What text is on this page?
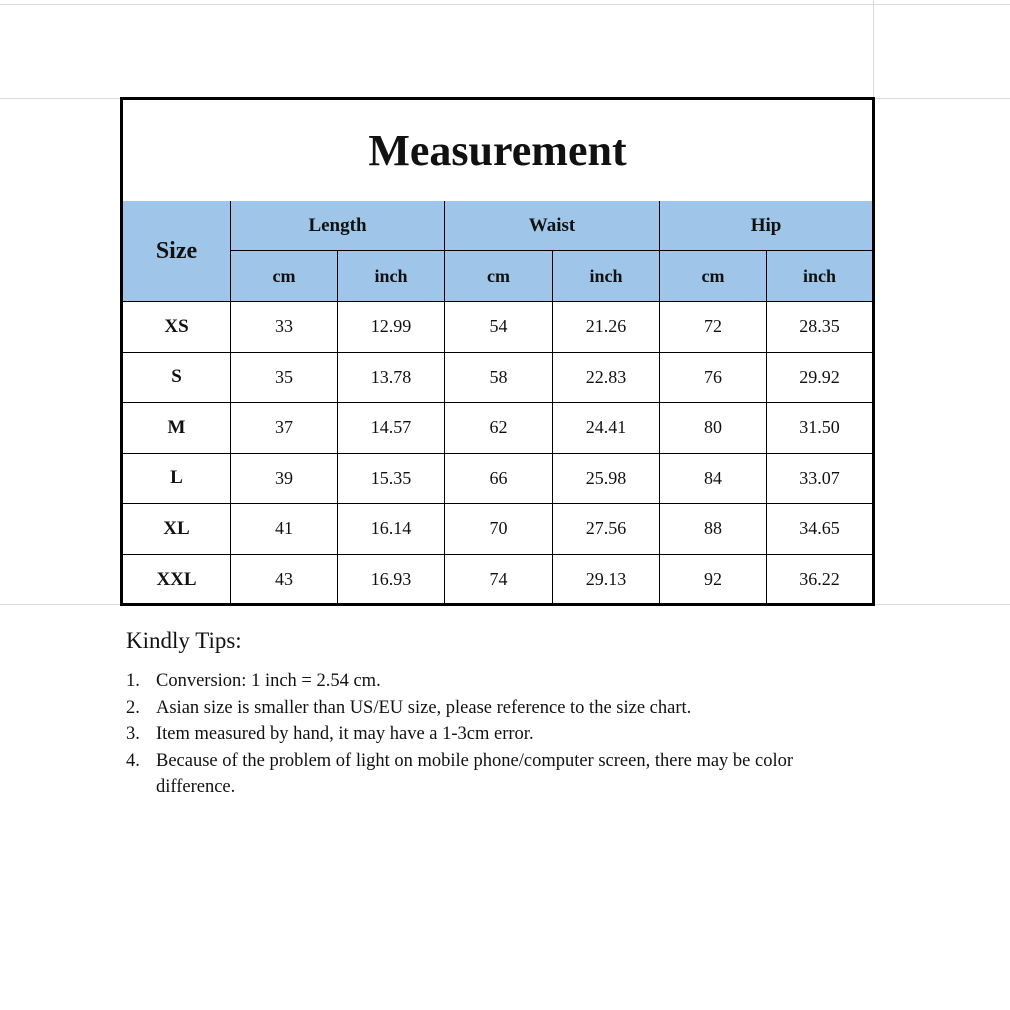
Measurement
Size
Length
cm	inch
Waist
cm	inch
Hip
cm	inch
XS	33	12.99	54	21.26	72	28.35
S	35	13.78	58	22.83	76	29.92
M	37	14.57	62	24.41	80	31.50
L	39	15.35	66	25.98	84	33.07
XL	41	16.14	70	27.56	88	34.65
XXL	43	16.93	74	29.13	92	36.22

Kindly Tips:

1. Conversion: 1 inch = 2.54 cm.
2. Asian size is smaller than US/EU size, please reference to the size chart.
3. Item measured by hand, it may have a 1-3cm error.
4. Because of the problem of light on mobile phone/computer screen, there may be color difference.
